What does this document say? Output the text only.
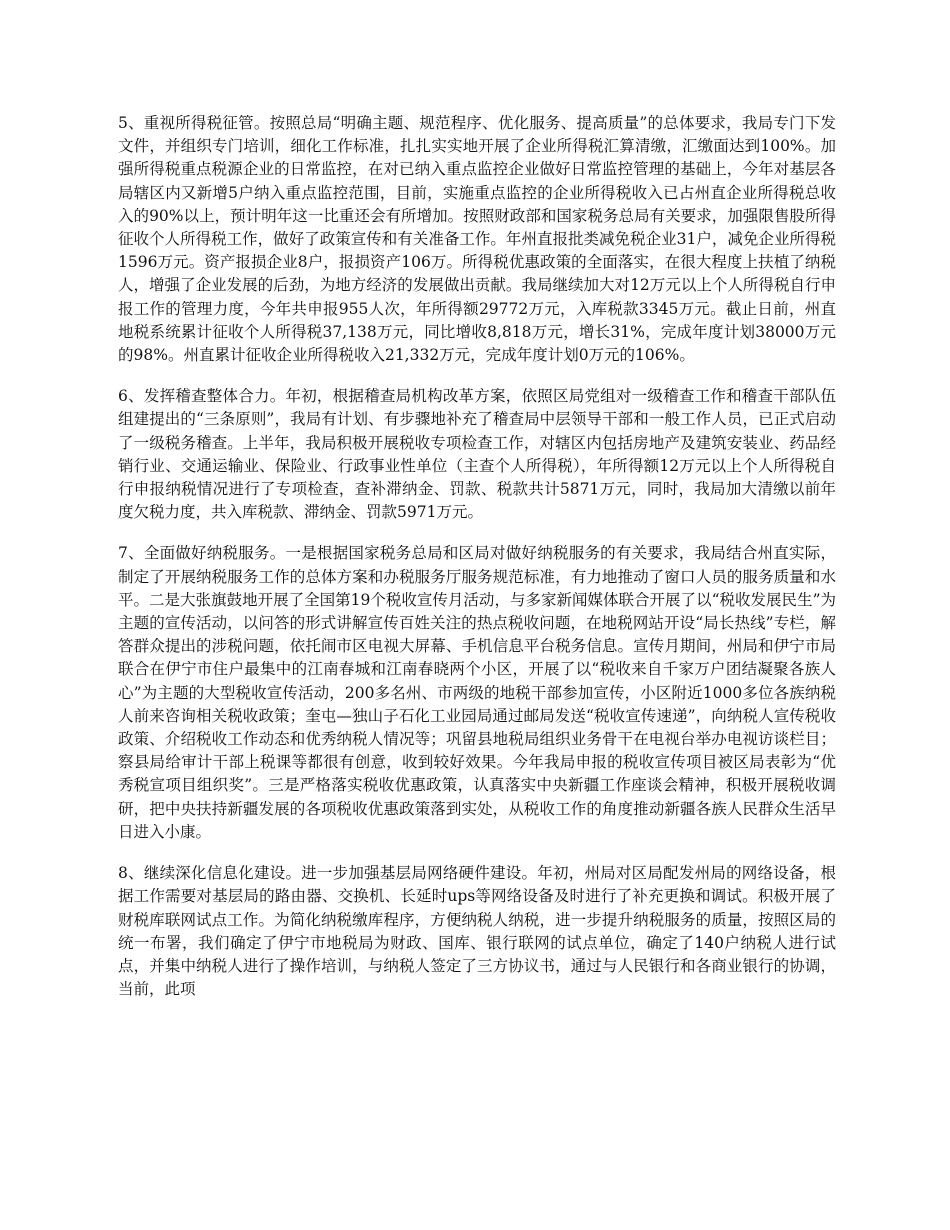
5、重视所得税征管。按照总局“明确主题、规范程序、优化服务、提高质量”的总体要求，我局专门下发文件，并组织专门培训，细化工作标准，扎扎实实地开展了企业所得税汇算清缴，汇缴面达到100%。加强所得税重点税源企业的日常监控，在对已纳入重点监控企业做好日常监控管理的基础上，今年对基层各局辖区内又新增5户纳入重点监控范围，目前，实施重点监控的企业所得税收入已占州直企业所得税总收入的90%以上，预计明年这一比重还会有所增加。按照财政部和国家税务总局有关要求，加强限售股所得征收个人所得税工作，做好了政策宣传和有关准备工作。年州直报批类减免税企业31户，减免企业所得税1596万元。资产报损企业8户，报损资产106万。所得税优惠政策的全面落实，在很大程度上扶植了纳税人，增强了企业发展的后劲，为地方经济的发展做出贡献。我局继续加大对12万元以上个人所得税自行申报工作的管理力度，今年共申报955人次，年所得额29772万元，入库税款3345万元。截止日前，州直地税系统累计征收个人所得税37,138万元，同比增收8,818万元，增长31%，完成年度计划38000万元的98%。州直累计征收企业所得税收入21,332万元，完成年度计划0万元的106%。

6、发挥稽查整体合力。年初，根据稽查局机构改革方案，依照区局党组对一级稽查工作和稽查干部队伍组建提出的“三条原则”，我局有计划、有步骤地补充了稽查局中层领导干部和一般工作人员，已正式启动了一级税务稽查。上半年，我局积极开展税收专项检查工作，对辖区内包括房地产及建筑安装业、药品经销行业、交通运输业、保险业、行政事业性单位（主查个人所得税），年所得额12万元以上个人所得税自行申报纳税情况进行了专项检查，查补滞纳金、罚款、税款共计5871万元，同时，我局加大清缴以前年度欠税力度，共入库税款、滞纳金、罚款5971万元。

7、全面做好纳税服务。一是根据国家税务总局和区局对做好纳税服务的有关要求，我局结合州直实际，制定了开展纳税服务工作的总体方案和办税服务厅服务规范标准，有力地推动了窗口人员的服务质量和水平。二是大张旗鼓地开展了全国第19个税收宣传月活动，与多家新闻媒体联合开展了以“税收发展民生”为主题的宣传活动，以问答的形式讲解宣传百姓关注的热点税收问题，在地税网站开设“局长热线”专栏，解答群众提出的涉税问题，依托闹市区电视大屏幕、手机信息平台税务信息。宣传月期间，州局和伊宁市局联合在伊宁市住户最集中的江南春城和江南春晓两个小区，开展了以“税收来自千家万户团结凝聚各族人心”为主题的大型税收宣传活动，200多名州、市两级的地税干部参加宣传，小区附近1000多位各族纳税人前来咨询相关税收政策；奎屯—独山子石化工业园局通过邮局发送“税收宣传速递”，向纳税人宣传税收政策、介绍税收工作动态和优秀纳税人情况等；巩留县地税局组织业务骨干在电视台举办电视访谈栏目；察县局给审计干部上税课等都很有创意，收到较好效果。今年我局申报的税收宣传项目被区局表彰为“优秀税宣项目组织奖”。三是严格落实税收优惠政策，认真落实中央新疆工作座谈会精神，积极开展税收调研，把中央扶持新疆发展的各项税收优惠政策落到实处，从税收工作的角度推动新疆各族人民群众生活早日进入小康。

8、继续深化信息化建设。进一步加强基层局网络硬件建设。年初，州局对区局配发州局的网络设备，根据工作需要对基层局的路由器、交换机、长延时ups等网络设备及时进行了补充更换和调试。积极开展了财税库联网试点工作。为简化纳税缴库程序，方便纳税人纳税，进一步提升纳税服务的质量，按照区局的统一布署，我们确定了伊宁市地税局为财政、国库、银行联网的试点单位，确定了140户纳税人进行试点，并集中纳税人进行了操作培训，与纳税人签定了三方协议书，通过与人民银行和各商业银行的协调，当前，此项
